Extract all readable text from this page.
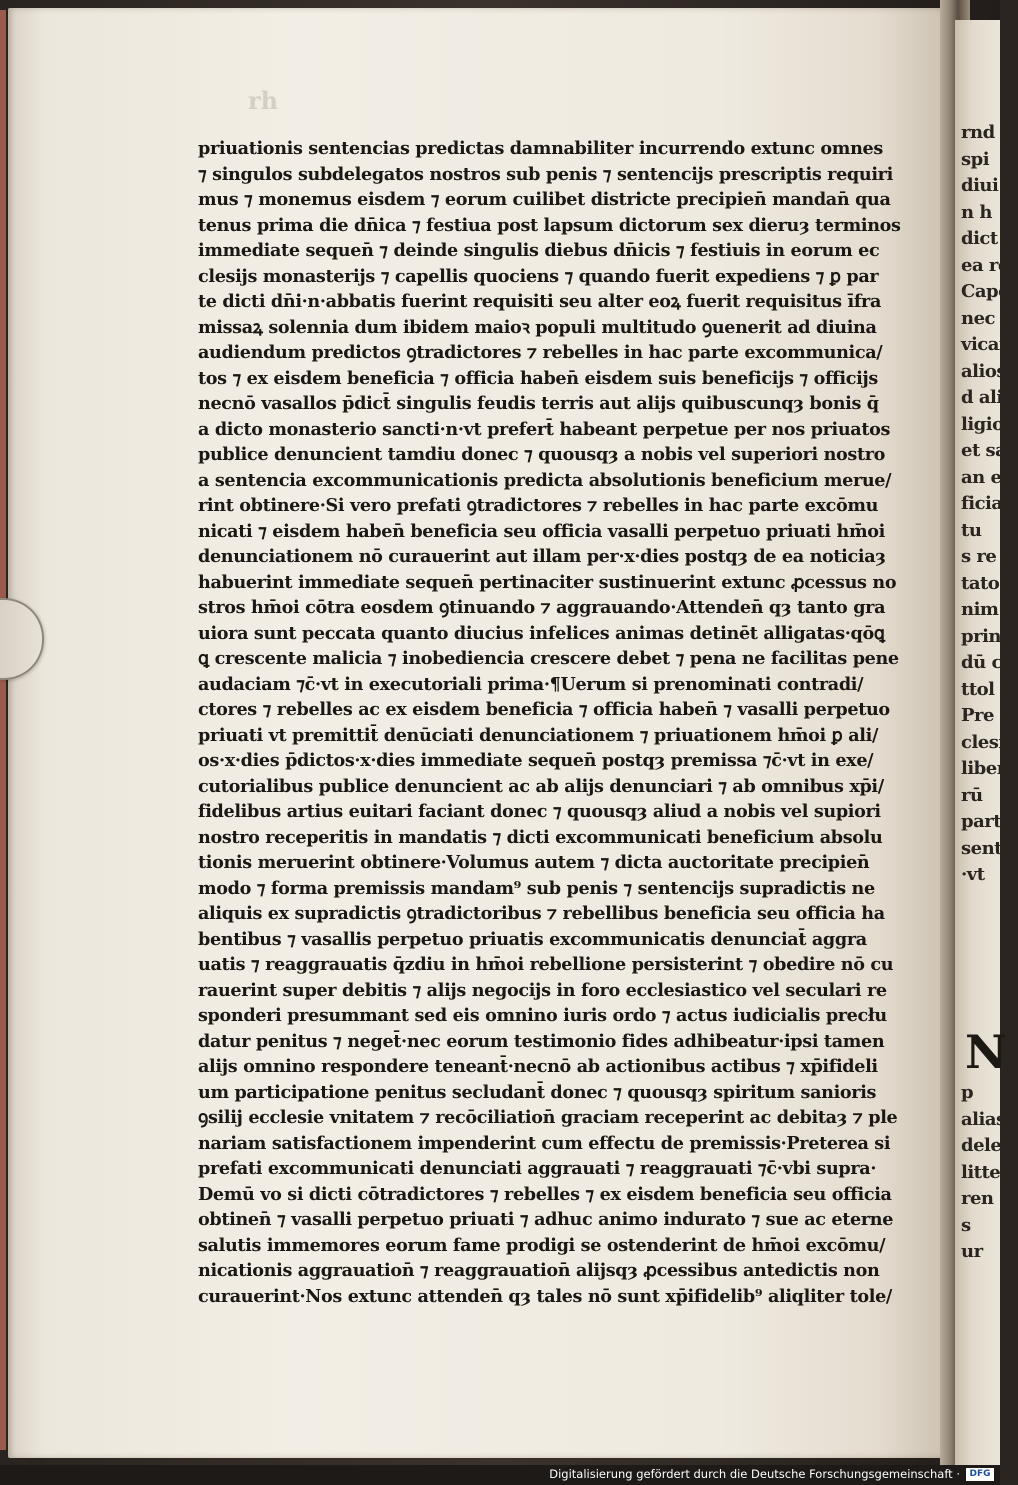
rh
priuationis sentencias predictas damnabiliter incurrendo extunc omnes
⁊ singulos subdelegatos nostros sub penis ⁊ sentencijs prescriptis requiri
mus ⁊ monemus eisdem ⁊ eorum cuilibet districte precipien̄ mandan̄ qua
tenus prima die dn̄ica ⁊ festiua post lapsum dictorum sex dieruȝ terminos
immediate sequen̄ ⁊ deinde singulis diebus dn̄icis ⁊ festiuis in eorum ec
clesijs monasterijs ⁊ capellis quociens ⁊ quando fuerit expediens ⁊ ꝑ par
te dicti dn̄i·n·abbatis fuerint requisiti seu alter eoꝝ fuerit requisitus īfra
missaꝝ solennia dum ibidem maioꝛ populi multitudo ꝯuenerit ad diuina
audiendum predictos ꝯtradictores ⁊ rebelles in hac parte excommunica/
tos ⁊ ex eisdem beneficia ⁊ officia haben̄ eisdem suis beneficijs ⁊ officijs
necnō vasallos p̄dict̄ singulis feudis terris aut alijs quibuscunqȝ bonis q̄
a dicto monasterio sancti·n·vt prefert̄ habeant perpetue per nos priuatos
publice denuncient tamdiu donec ⁊ quousqȝ a nobis vel superiori nostro
a sentencia excommunicationis predicta absolutionis beneficium merue/
rint obtinere·Si vero prefati ꝯtradictores ⁊ rebelles in hac parte excōmu
nicati ⁊ eisdem haben̄ beneficia seu officia vasalli perpetuo priuati hm̄oi
denunciationem nō curauerint aut illam per·x·dies postqȝ de ea noticiaȝ
habuerint immediate sequen̄ pertinaciter sustinuerint extunc ꝓcessus no
stros hm̄oi cōtra eosdem ꝯtinuando ⁊ aggrauando·Attenden̄ qȝ tanto gra
uiora sunt peccata quanto diucius infelices animas detinēt alligatas·qōꝗ
ꝗ crescente malicia ⁊ inobediencia crescere debet ⁊ pena ne facilitas pene
audaciam ⁊c̄·vt in executoriali prima·¶Uerum si prenominati contradi/
ctores ⁊ rebelles ac ex eisdem beneficia ⁊ officia haben̄ ⁊ vasalli perpetuo
priuati vt premittit̄ denūciati denunciationem ⁊ priuationem hm̄oi ꝑ ali/
os·x·dies p̄dictos·x·dies immediate sequen̄ postqȝ premissa ⁊c̄·vt in exe/
cutorialibus publice denuncient ac ab alijs denunciari ⁊ ab omnibus xp̄i/
fidelibus artius euitari faciant donec ⁊ quousqȝ aliud a nobis vel supiori
nostro receperitis in mandatis ⁊ dicti excommunicati beneficium absolu
tionis meruerint obtinere·Volumus autem ⁊ dicta auctoritate precipien̄
modo ⁊ forma premissis mandam⁹ sub penis ⁊ sentencijs supradictis ne
aliquis ex supradictis ꝯtradictoribus ⁊ rebellibus beneficia seu officia ha
bentibus ⁊ vasallis perpetuo priuatis excommunicatis denunciat̄ aggra
uatis ⁊ reaggrauatis q̄zdiu in hm̄oi rebellione persisterint ⁊ obedire nō cu
rauerint super debitis ⁊ alijs negocijs in foro ecclesiastico vel seculari re
sponderi presummant sed eis omnino iuris ordo ⁊ actus iudicialis precłu
datur penitus ⁊ neget̄·nec eorum testimonio fides adhibeatur·ipsi tamen
alijs omnino respondere teneant̄·necnō ab actionibus actibus ⁊ xp̄ifideli
um participatione penitus secludant̄ donec ⁊ quousqȝ spiritum sanioris
ꝯsilij ecclesie vnitatem ⁊ recōciliation̄ graciam receperint ac debitaȝ ⁊ ple
nariam satisfactionem impenderint cum effectu de premissis·Preterea si
prefati excommunicati denunciati aggrauati ⁊ reaggrauati ⁊c̄·vbi supra·
Demū vo si dicti cōtradictores ⁊ rebelles ⁊ ex eisdem beneficia seu officia
obtinen̄ ⁊ vasalli perpetuo priuati ⁊ adhuc animo indurato ⁊ sue ac eterne
salutis immemores eorum fame prodigi se ostenderint de hm̄oi excōmu/
nicationis aggrauation̄ ⁊ reaggrauation̄ alijsqȝ ꝓcessibus antedictis non
curauerint·Nos extunc attenden̄ qȝ tales nō sunt xp̄ifidelib⁹ aliqliter tole/
rnd
spi
diui
n h
dict
ea re
Capo
nec
vicar
alios
d ali
ligio
et sa
an ex
ficia
tu
s re
tato
nim
prin
dū c
ttol
Pre
clesi
liber
rū
parte
sentis
·vt
N
p
alias
dele
litter
ren
s
ur
Digitalisierung gefördert durch die Deutsche Forschungsgemeinschaft ·	DFG
